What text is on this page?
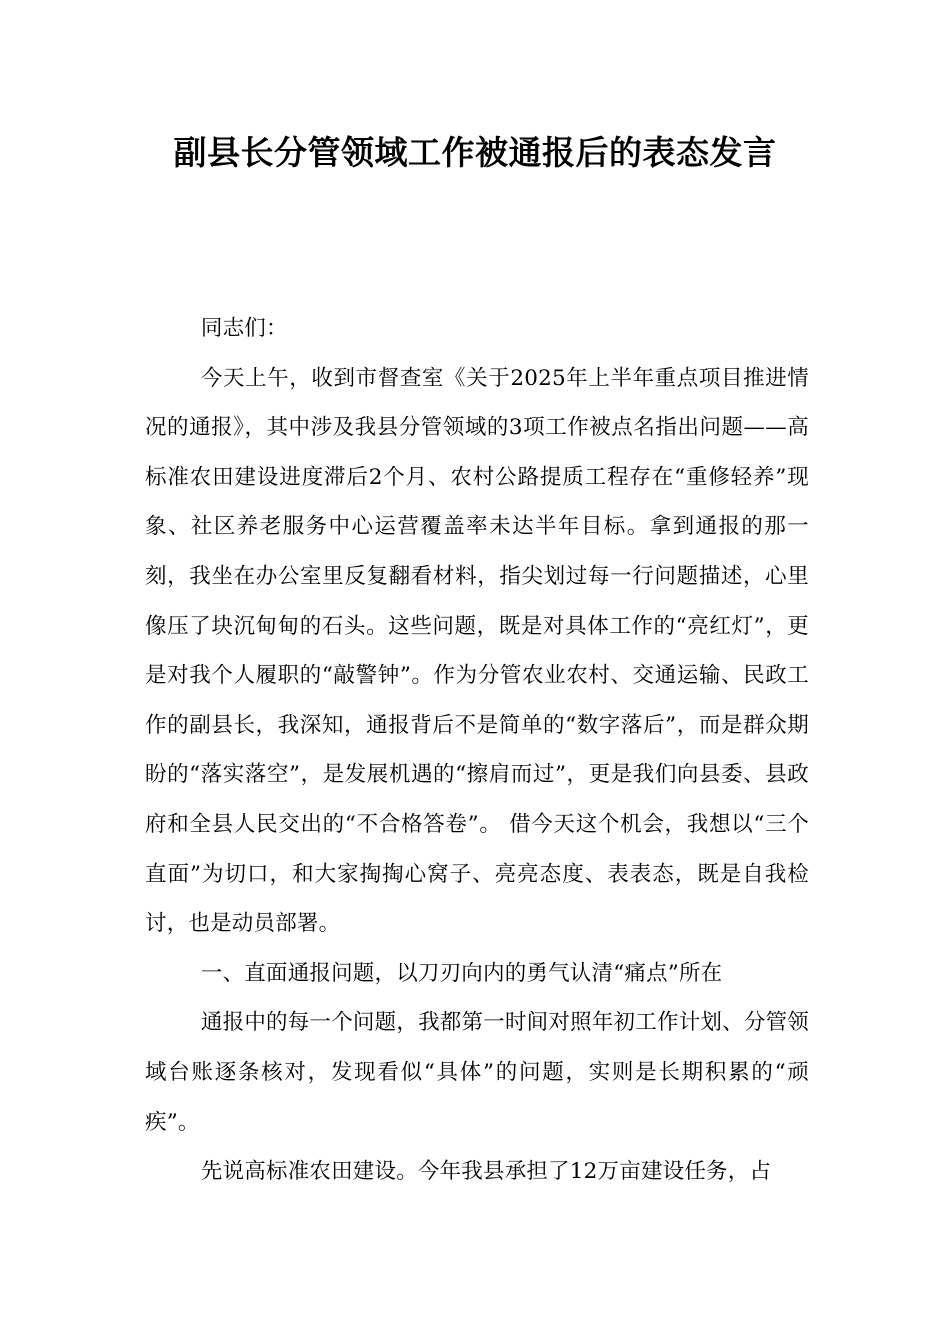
副县长分管领域工作被通报后的表态发言

同志们：

今天上午，收到市督查室《关于2025年上半年重点项目推进情况的通报》，其中涉及我县分管领域的3项工作被点名指出问题——高标准农田建设进度滞后2个月、农村公路提质工程存在“重修轻养”现象、社区养老服务中心运营覆盖率未达半年目标。拿到通报的那一刻，我坐在办公室里反复翻看材料，指尖划过每一行问题描述，心里像压了块沉甸甸的石头。这些问题，既是对具体工作的“亮红灯”，更是对我个人履职的“敲警钟”。作为分管农业农村、交通运输、民政工作的副县长，我深知，通报背后不是简单的“数字落后”，而是群众期盼的“落实落空”，是发展机遇的“擦肩而过”，更是我们向县委、县政府和全县人民交出的“不合格答卷”。 借今天这个机会，我想以“三个直面”为切口，和大家掏掏心窝子、亮亮态度、表表态，既是自我检讨，也是动员部署。

一、直面通报问题，以刀刃向内的勇气认清“痛点”所在

通报中的每一个问题，我都第一时间对照年初工作计划、分管领域台账逐条核对，发现看似“具体”的问题，实则是长期积累的“顽疾”。

先说高标准农田建设。今年我县承担了12万亩建设任务，占
